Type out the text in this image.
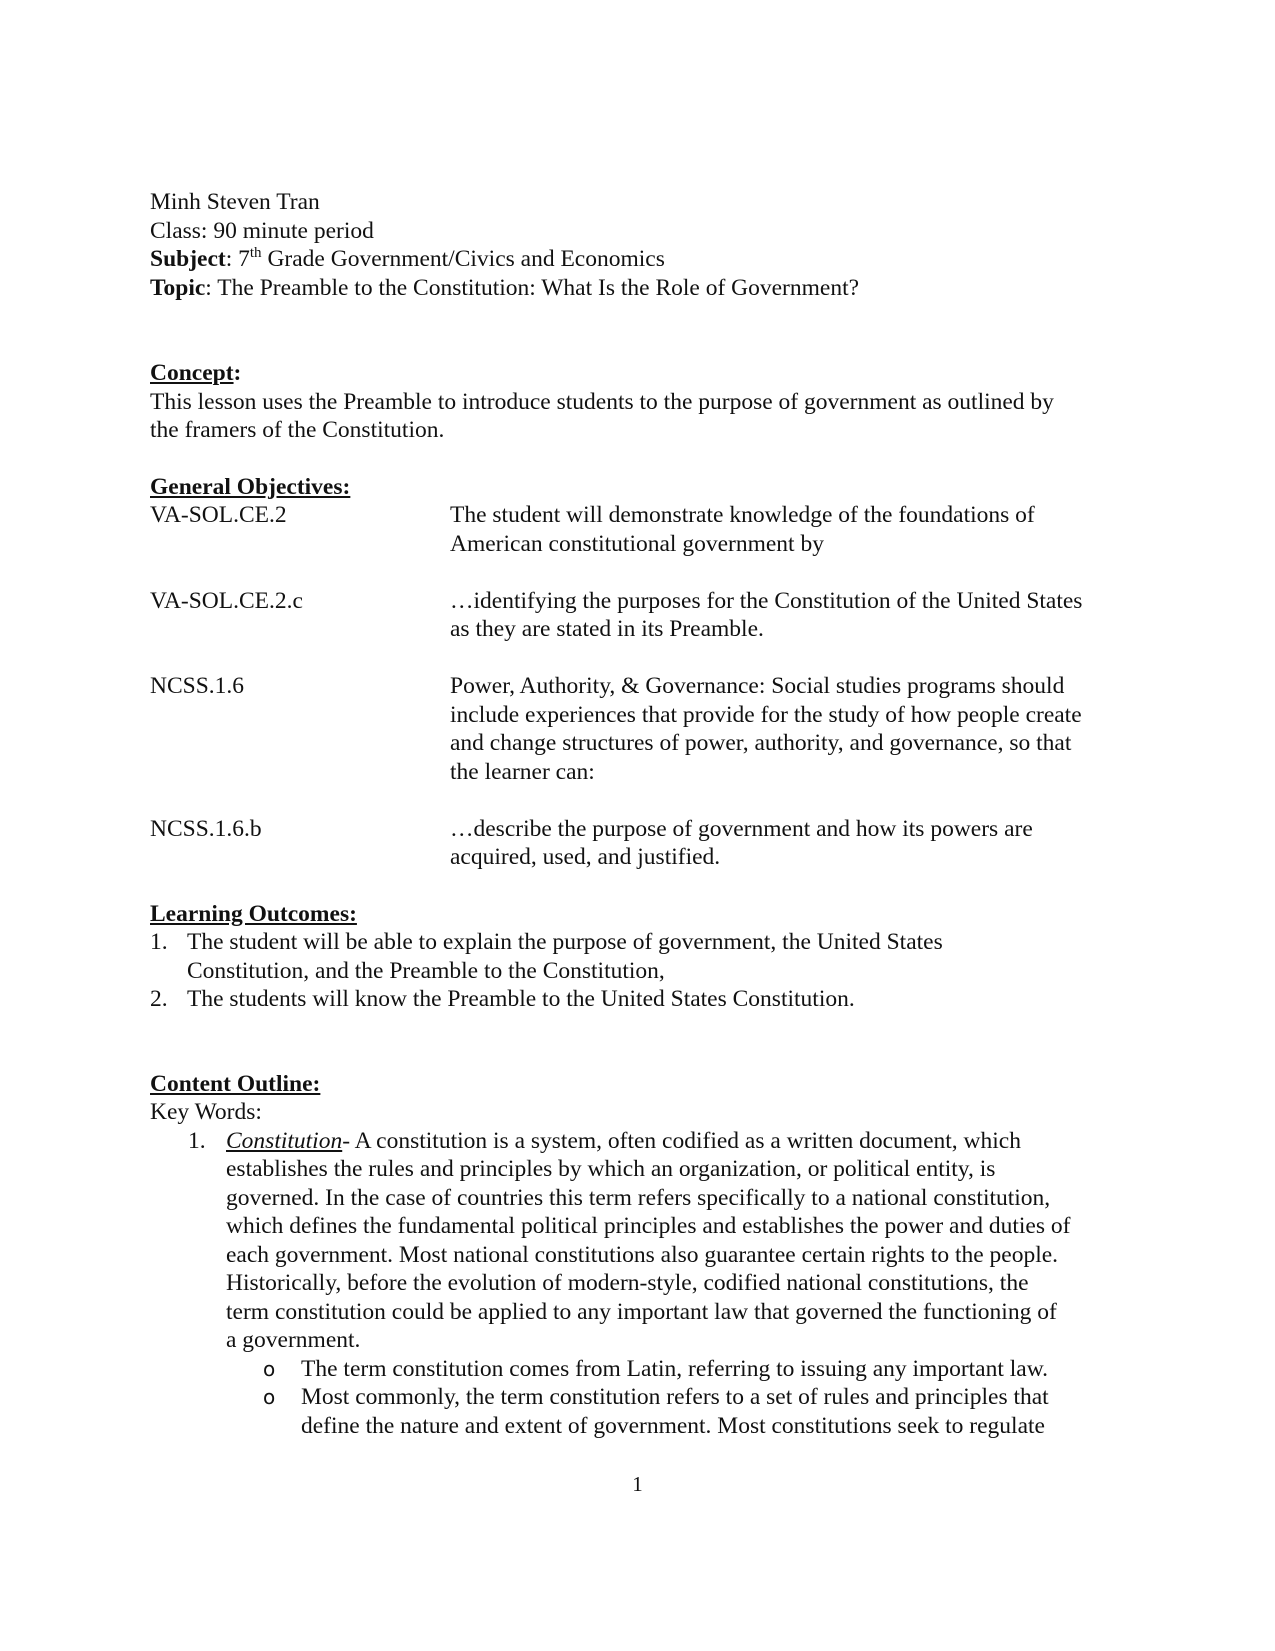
Minh Steven Tran
Class: 90 minute period
Subject: 7th Grade Government/Civics and Economics
Topic: The Preamble to the Constitution: What Is the Role of Government?
Concept:
This lesson uses the Preamble to introduce students to the purpose of government as outlined by
the framers of the Constitution.
General Objectives:
VA-SOL.CE.2	The student will demonstrate knowledge of the foundations of
American constitutional government by
VA-SOL.CE.2.c	…identifying the purposes for the Constitution of the United States
as they are stated in its Preamble.
NCSS.1.6	Power, Authority, & Governance: Social studies programs should
include experiences that provide for the study of how people create
and change structures of power, authority, and governance, so that
the learner can:
NCSS.1.6.b	…describe the purpose of government and how its powers are
acquired, used, and justified.
Learning Outcomes:
1. The student will be able to explain the purpose of government, the United States
Constitution, and the Preamble to the Constitution,
2. The students will know the Preamble to the United States Constitution.
Content Outline:
Key Words:
1. Constitution- A constitution is a system, often codified as a written document, which
establishes the rules and principles by which an organization, or political entity, is
governed. In the case of countries this term refers specifically to a national constitution,
which defines the fundamental political principles and establishes the power and duties of
each government. Most national constitutions also guarantee certain rights to the people.
Historically, before the evolution of modern-style, codified national constitutions, the
term constitution could be applied to any important law that governed the functioning of
a government.
o	The term constitution comes from Latin, referring to issuing any important law.
o	Most commonly, the term constitution refers to a set of rules and principles that
define the nature and extent of government. Most constitutions seek to regulate
1
